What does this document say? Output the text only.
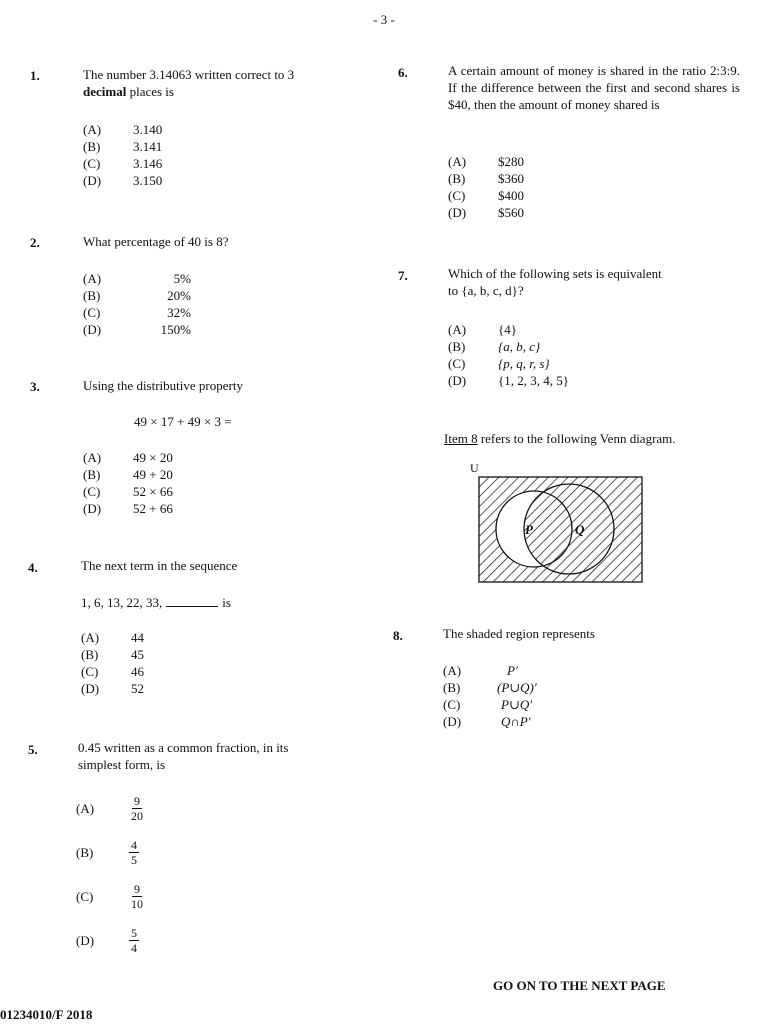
- 3 -
1.	The number 3.14063 written correct to 3
decimal places is
(A)	3.140
(B)	3.141
(C)	3.146
(D)	3.150
2.	What percentage of 40 is 8?
(A)	5%
(B)	20%
(C)	32%
(D)	150%
3.	Using the distributive property
49 × 17 + 49 × 3 =
(A)	49 × 20
(B)	49 + 20
(C)	52 × 66
(D)	52 + 66
4.	The next term in the sequence
1, 6, 13, 22, 33,	is
(A)	44
(B)	45
(C)	46
(D)	52
5.	0.45 written as a common fraction, in its
simplest form, is
(A)	$\frac{9}{20}$
(B)	$\frac{4}{5}$
(C)	$\frac{9}{10}$
(D)	$\frac{5}{4}$
6.	A certain amount of money is shared in the ratio 2:3:9. If the difference between the first and second shares is $40, then the amount of money shared is
(A)	$280
(B)	$360
(C)	$400
(D)	$560
7.	Which of the following sets is equivalent
to {a, b, c, d}?
(A)	{4}
(B)	{a, b, c}
(C)	{p, q, r, s}
(D)	{1, 2, 3, 4, 5}
Item 8 refers to the following Venn diagram.
U
P	Q
8.	The shaded region represents
(A)	P′
(B)	(P∪Q)′
(C)	P∪Q′
(D)	Q∩P′
GO ON TO THE NEXT PAGE
01234010/F 2018
